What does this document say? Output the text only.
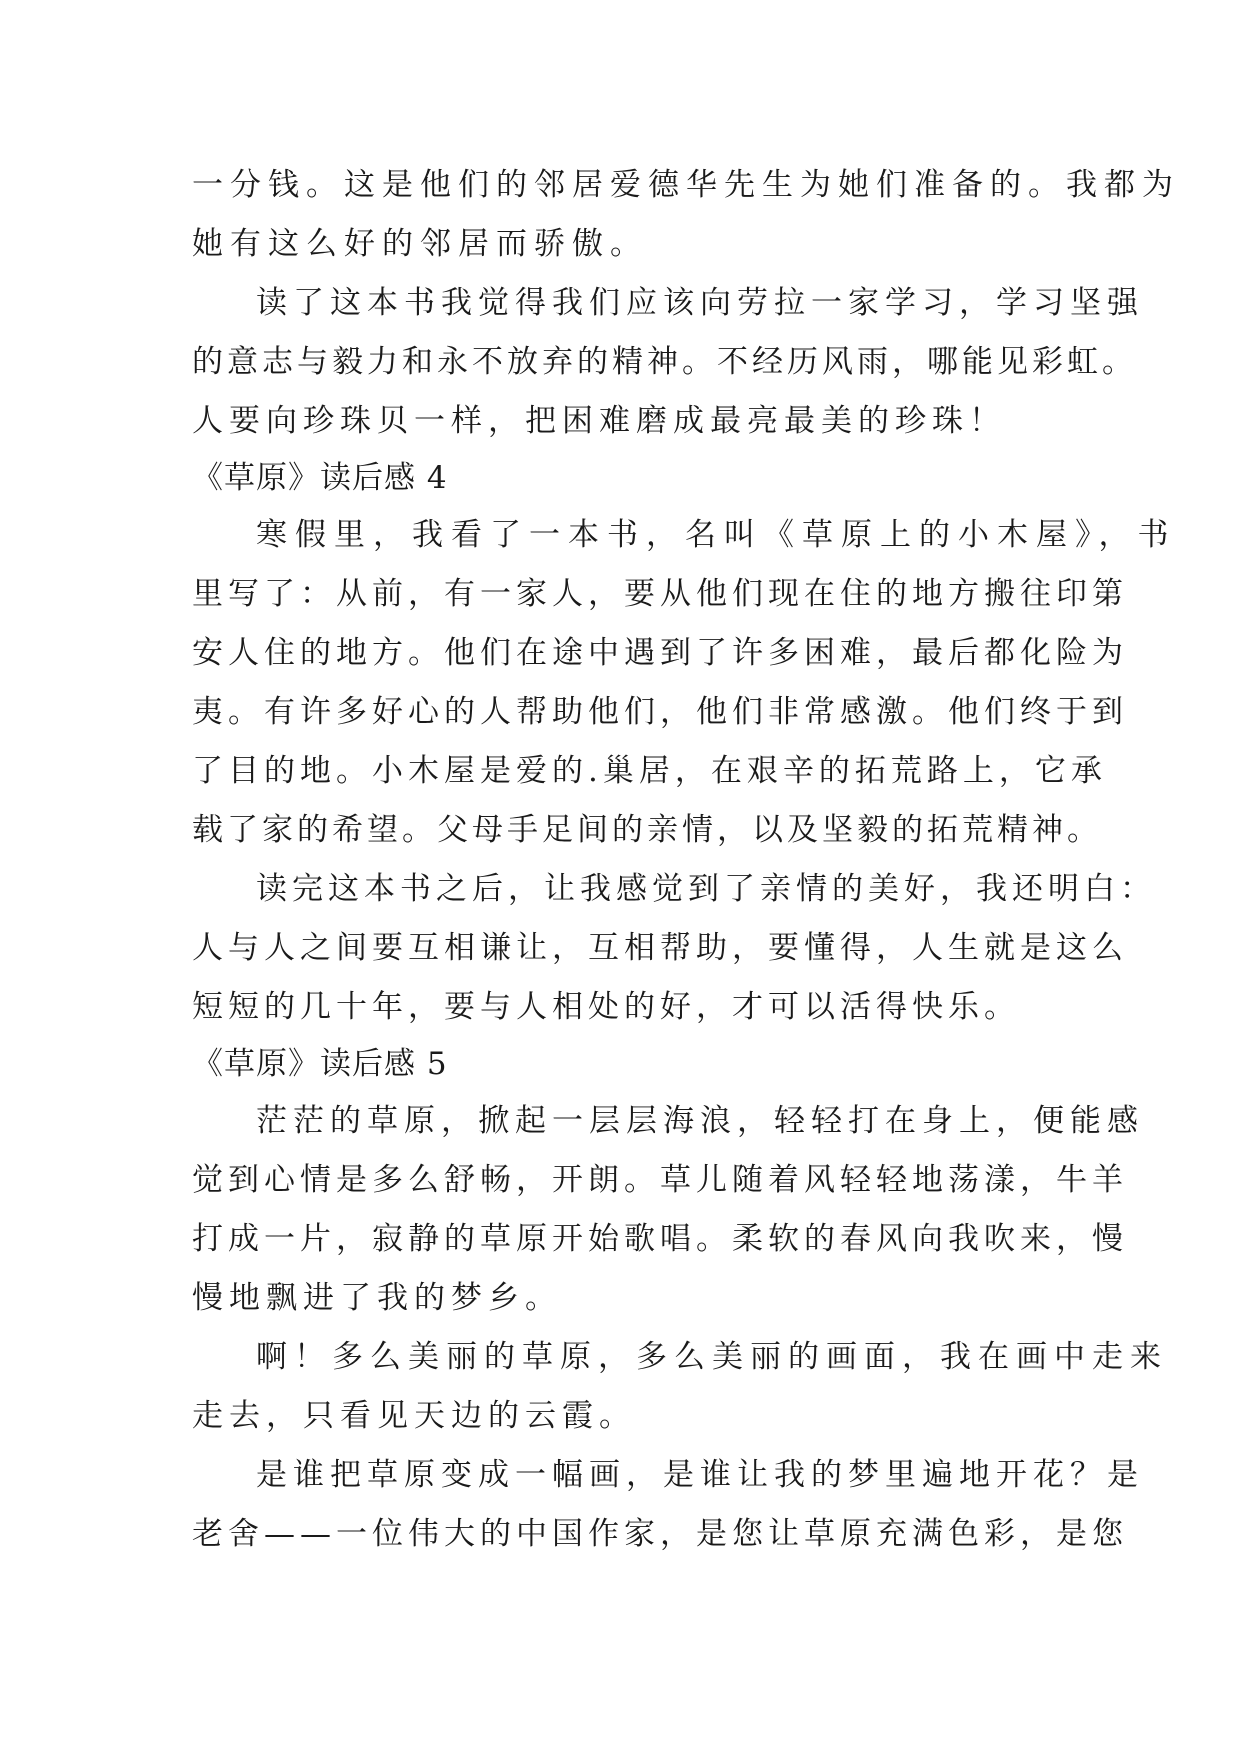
一分钱。这是他们的邻居爱德华先生为她们准备的。我都为
她有这么好的邻居而骄傲。
读了这本书我觉得我们应该向劳拉一家学习，学习坚强
的意志与毅力和永不放弃的精神。不经历风雨，哪能见彩虹。
人要向珍珠贝一样，把困难磨成最亮最美的珍珠！
《草原》读后感 4
寒假里，我看了一本书，名叫《草原上的小木屋》，书
里写了：从前，有一家人，要从他们现在住的地方搬往印第
安人住的地方。他们在途中遇到了许多困难，最后都化险为
夷。有许多好心的人帮助他们，他们非常感激。他们终于到
了目的地。小木屋是爱的.巢居，在艰辛的拓荒路上，它承
载了家的希望。父母手足间的亲情，以及坚毅的拓荒精神。
读完这本书之后，让我感觉到了亲情的美好，我还明白：
人与人之间要互相谦让，互相帮助，要懂得，人生就是这么
短短的几十年，要与人相处的好，才可以活得快乐。
《草原》读后感 5
茫茫的草原，掀起一层层海浪，轻轻打在身上，便能感
觉到心情是多么舒畅，开朗。草儿随着风轻轻地荡漾，牛羊
打成一片，寂静的草原开始歌唱。柔软的春风向我吹来，慢
慢地飘进了我的梦乡。
啊！多么美丽的草原，多么美丽的画面，我在画中走来
走去，只看见天边的云霞。
是谁把草原变成一幅画，是谁让我的梦里遍地开花？是
老舍——一位伟大的中国作家，是您让草原充满色彩，是您
